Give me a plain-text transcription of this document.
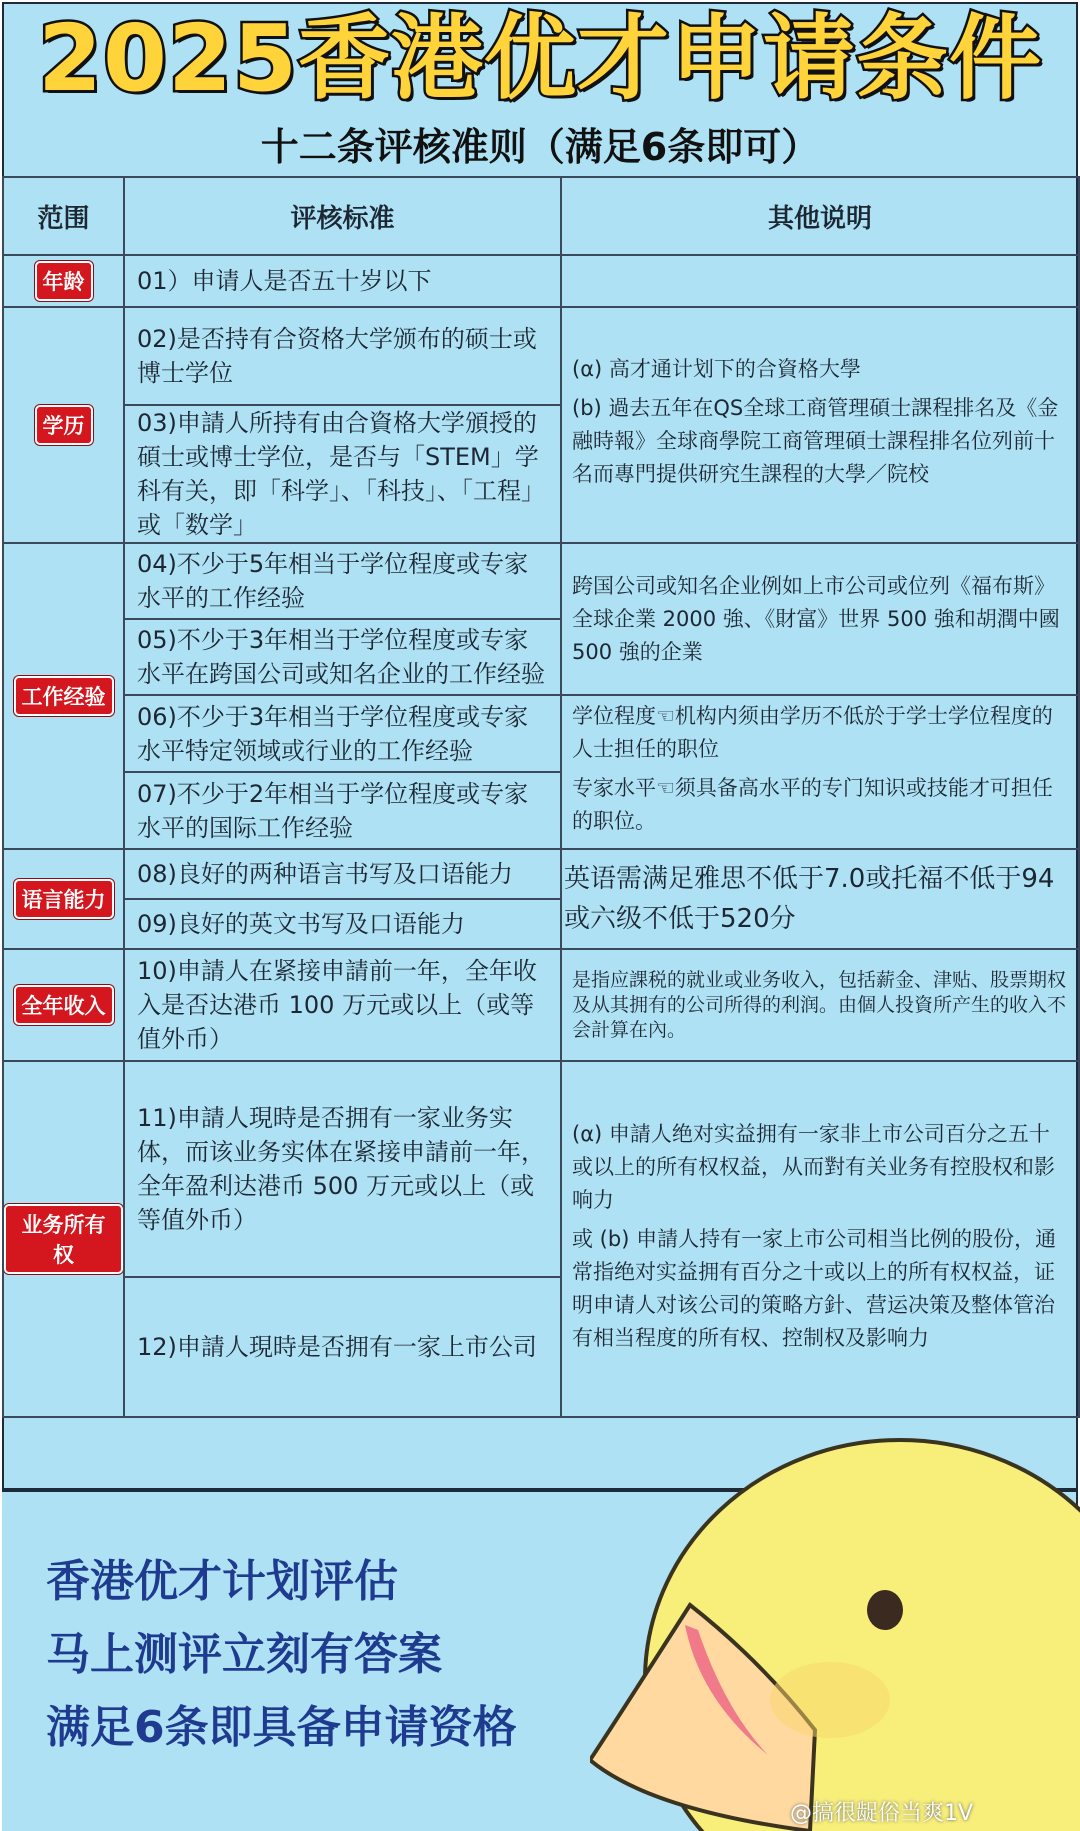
2025香港优才申请条件
十二条评核准则（满足6条即可）
范围	评核标准	其他说明
年龄	01）申请人是否五十岁以下	
学历	02)是否持有合资格大学颁布的硕士或博士学位	(α) 高才通计划下的合資格大學

(b) 過去五年在QS全球工商管理碩士課程排名及《金融時報》全球商學院工商管理碩士課程排名位列前十名而專門提供研究生課程的大學／院校

	03)申請人所持有由合資格大学頒授的碩士或博士学位，是否与「STEM」学科有关，即「科学」、「科技」、「工程」或「数学」	
工作经验	04)不少于5年相当于学位程度或专家水平的工作经验	跨国公司或知名企业例如上市公司或位列《福布斯》全球企業 2000 強、《財富》世界 500 強和胡潤中國 500 強的企業
	05)不少于3年相当于学位程度或专家水平在跨国公司或知名企业的工作经验	
	06)不少于3年相当于学位程度或专家水平特定领域或行业的工作经验	学位程度☜机构内须由学历不低於于学士学位程度的人士担任的职位

专家水平☜须具备高水平的专门知识或技能才可担任的职位。

	07)不少于2年相当于学位程度或专家水平的国际工作经验	
语言能力	08)良好的两种语言书写及口语能力	英语需满足雅思不低于7.0或托福不低于94或六级不低于520分
	09)良好的英文书写及口语能力	
全年收入	10)申請人在紧接申請前一年，全年收入是否达港币 100 万元或以上（或等值外币）	是指应課税的就业或业务收入，包括薪金、津贴、股票期权及从其拥有的公司所得的利润。由個人投資所产生的收入不会計算在內。
业务所有权	11)申請人現時是否拥有一家业务实体，而该业务实体在紧接申請前一年，全年盈利达港币 500 万元或以上（或等值外币）	(α) 申請人绝对实益拥有一家非上市公司百分之五十或以上的所有权权益，从而對有关业务有控股权和影响力

或 (b) 申請人持有一家上市公司相当比例的股份，通常指绝对实益拥有百分之十或以上的所有权权益，证明申请人对该公司的策略方針、营运决策及整体管治有相当程度的所有权、控制权及影响力

	12)申請人現時是否拥有一家上市公司	
香港优才计划评估
马上测评立刻有答案
满足6条即具备申请资格
@搞很龊俗当爽1V
